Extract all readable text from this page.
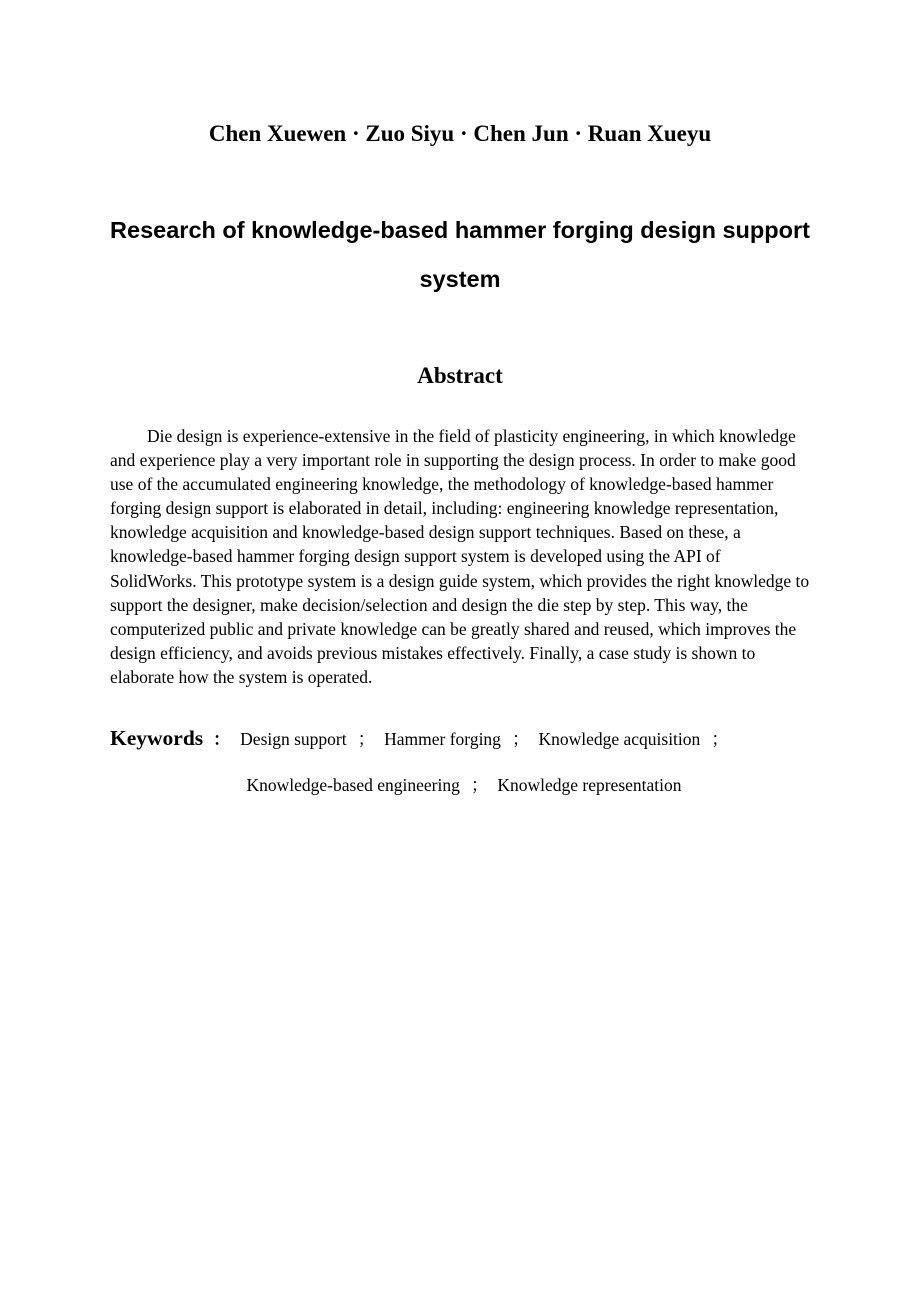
Chen Xuewen · Zuo Siyu · Chen Jun · Ruan Xueyu
Research of knowledge-based hammer forging design support system
Abstract
Die design is experience-extensive in the field of plasticity engineering, in which knowledge and experience play a very important role in supporting the design process. In order to make good use of the accumulated engineering knowledge, the methodology of knowledge-based hammer forging design support is elaborated in detail, including: engineering knowledge representation, knowledge acquisition and knowledge-based design support techniques. Based on these, a knowledge-based hammer forging design support system is developed using the API of SolidWorks. This prototype system is a design guide system, which provides the right knowledge to support the designer, make decision/selection and design the die step by step. This way, the computerized public and private knowledge can be greatly shared and reused, which improves the design efficiency, and avoids previous mistakes effectively. Finally, a case study is shown to elaborate how the system is operated.
Keywords ： Design support ； Hammer forging ； Knowledge acquisition ；
Knowledge-based engineering ； Knowledge representation
